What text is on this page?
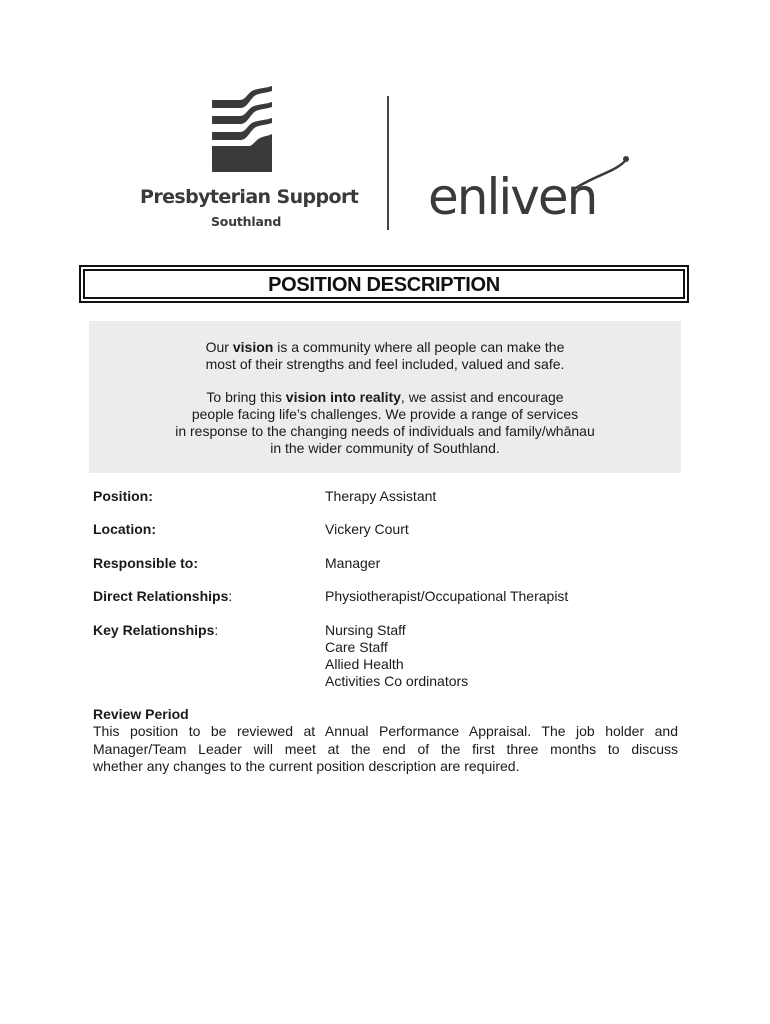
Presbyterian Support
Southland	enliven
POSITION DESCRIPTION
Our vision is a community where all people can make the
most of their strengths and feel included, valued and safe.
To bring this vision into reality, we assist and encourage
people facing life’s challenges. We provide a range of services
in response to the changing needs of individuals and family/whānau
in the wider community of Southland.
Position:	Therapy Assistant
Location:	Vickery Court
Responsible to:	Manager
Direct Relationships:	Physiotherapist/Occupational Therapist
Key Relationships:	Nursing Staff
Care Staff
Allied Health
Activities Co ordinators
Review Period
This position to be reviewed at Annual Performance Appraisal. The job holder and
Manager/Team Leader will meet at the end of the first three months to discuss
whether any changes to the current position description are required.
